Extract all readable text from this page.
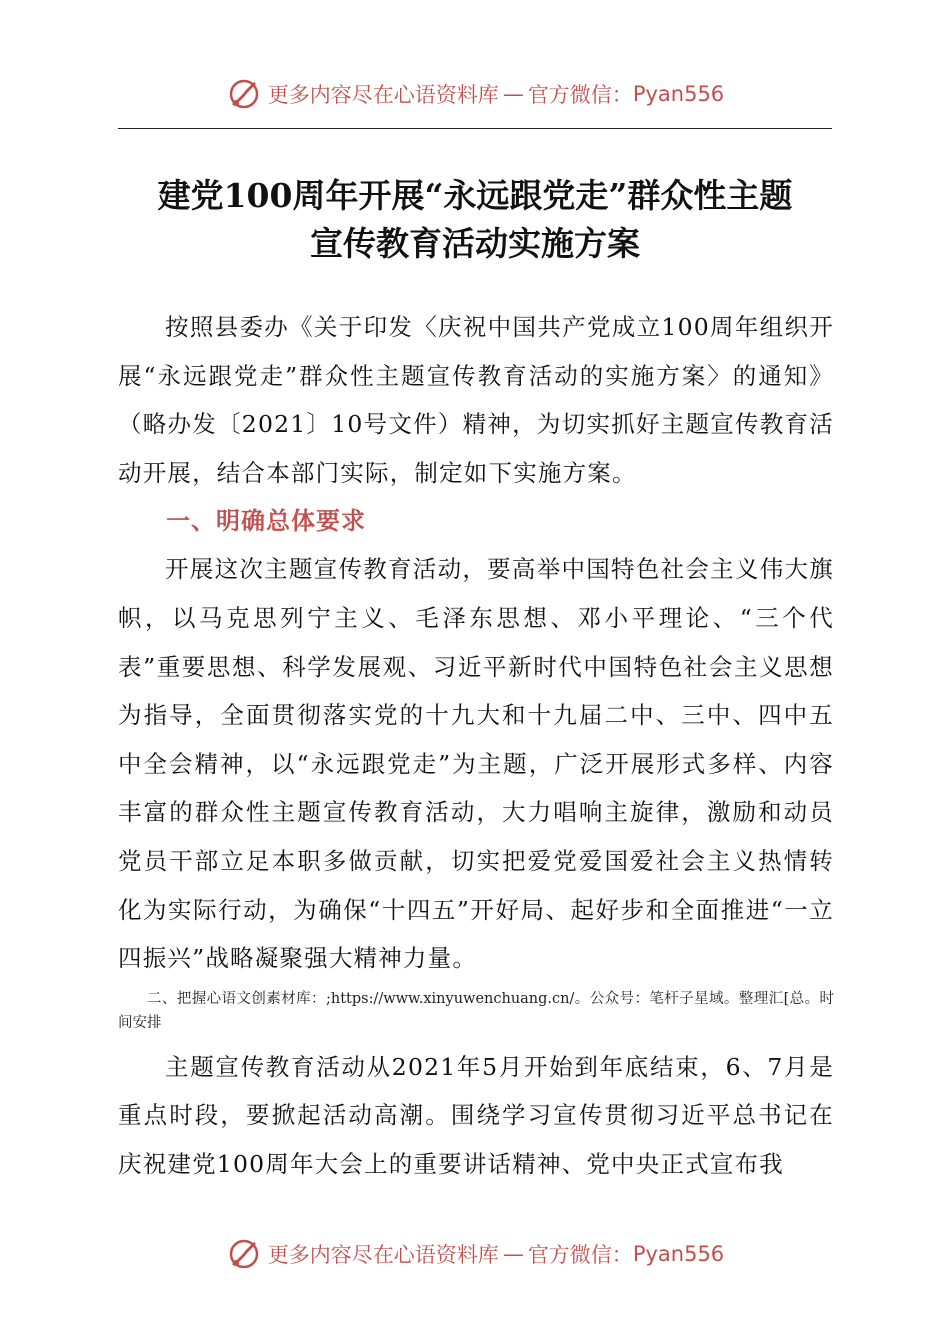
更多内容尽在心语资料库 — 官方微信： Pyan556
建党100周年开展“永远跟党走”群众性主题
宣传教育活动实施方案

按照县委办《关于印发〈庆祝中国共产党成立100周年组织开展“永远跟党走”群众性主题宣传教育活动的实施方案〉的通知》（略办发〔2021〕10号文件）精神，为切实抓好主题宣传教育活动开展，结合本部门实际，制定如下实施方案。

一、明确总体要求

开展这次主题宣传教育活动，要高举中国特色社会主义伟大旗帜，以马克思列宁主义、毛泽东思想、邓小平理论、“三个代表”重要思想、科学发展观、习近平新时代中国特色社会主义思想为指导，全面贯彻落实党的十九大和十九届二中、三中、四中五中全会精神，以“永远跟党走”为主题，广泛开展形式多样、内容丰富的群众性主题宣传教育活动，大力唱响主旋律，激励和动员党员干部立足本职多做贡献，切实把爱党爱国爱社会主义热情转化为实际行动，为确保“十四五”开好局、起好步和全面推进“一立四振兴”战略凝聚强大精神力量。

二、把握心语文创素材库：;https://www.xinyuwenchuang.cn/。公众号：笔杆子星域。整理汇[总。时间安排

主题宣传教育活动从2021年5月开始到年底结束，6、7月是重点时段，要掀起活动高潮。围绕学习宣传贯彻习近平总书记在庆祝建党100周年大会上的重要讲话精神、党中央正式宣布我

更多内容尽在心语资料库 — 官方微信： Pyan556
